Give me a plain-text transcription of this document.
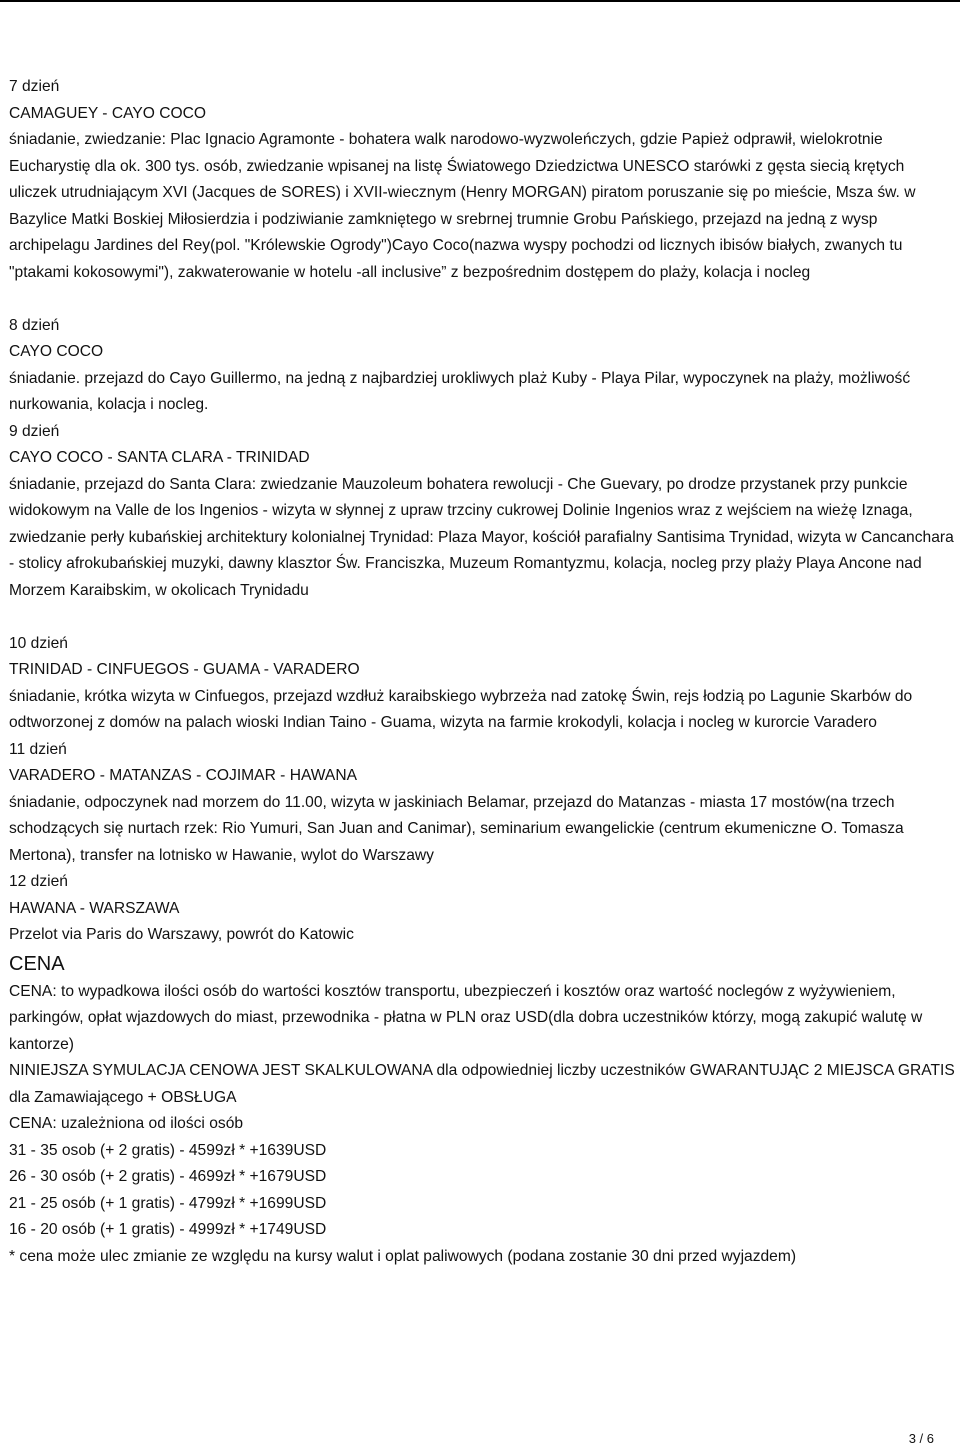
7 dzień

CAMAGUEY - CAYO COCO

śniadanie, zwiedzanie: Plac Ignacio Agramonte - bohatera walk narodowo-wyzwoleńczych, gdzie Papież odprawił, wielokrotnie Eucharystię dla ok. 300 tys. osób, zwiedzanie wpisanej na listę Światowego Dziedzictwa UNESCO starówki z gęsta siecią krętych uliczek utrudniającym XVI (Jacques de SORES) i XVII-wiecznym (Henry MORGAN) piratom poruszanie się po mieście, Msza św. w Bazylice Matki Boskiej Miłosierdzia i podziwianie zamkniętego w srebrnej trumnie Grobu Pańskiego, przejazd na jedną z wysp archipelagu Jardines del Rey(pol. "Królewskie Ogrody")Cayo Coco(nazwa wyspy pochodzi od licznych ibisów białych, zwanych tu "ptakami kokosowymi"), zakwaterowanie w hotelu -all inclusive” z bezpośrednim dostępem do plaży, kolacja i nocleg

8 dzień

CAYO COCO

śniadanie. przejazd do Cayo Guillermo, na jedną z najbardziej urokliwych plaż Kuby - Playa Pilar, wypoczynek na plaży, możliwość nurkowania, kolacja i nocleg.

9 dzień

CAYO COCO - SANTA CLARA - TRINIDAD

śniadanie, przejazd do Santa Clara: zwiedzanie Mauzoleum bohatera rewolucji - Che Guevary, po drodze przystanek przy punkcie widokowym na Valle de los Ingenios - wizyta w słynnej z upraw trzciny cukrowej Dolinie Ingenios wraz z wejściem na wieżę Iznaga, zwiedzanie perły kubańskiej architektury kolonialnej Trynidad: Plaza Mayor, kościół parafialny Santisima Trynidad, wizyta w Cancanchara - stolicy afrokubańskiej muzyki, dawny klasztor Św. Franciszka, Muzeum Romantyzmu, kolacja, nocleg przy plaży Playa Ancone nad Morzem Karaibskim, w okolicach Trynidadu

10 dzień

TRINIDAD - CINFUEGOS - GUAMA - VARADERO

śniadanie, krótka wizyta w Cinfuegos, przejazd wzdłuż karaibskiego wybrzeża nad zatokę Świn, rejs łodzią po Lagunie Skarbów do odtworzonej z domów na palach wioski Indian Taino - Guama, wizyta na farmie krokodyli, kolacja i nocleg w kurorcie Varadero

11 dzień

VARADERO - MATANZAS - COJIMAR - HAWANA

śniadanie, odpoczynek nad morzem do 11.00, wizyta w jaskiniach Belamar, przejazd do Matanzas - miasta 17 mostów(na trzech schodzących się nurtach rzek: Rio Yumuri, San Juan and Canimar), seminarium ewangelickie (centrum ekumeniczne O. Tomasza Mertona), transfer na lotnisko w Hawanie, wylot do Warszawy

12 dzień

HAWANA - WARSZAWA

Przelot via Paris do Warszawy, powrót do Katowic

CENA

CENA: to wypadkowa ilości osób do wartości kosztów transportu, ubezpieczeń i kosztów oraz wartość noclegów z wyżywieniem, parkingów, opłat wjazdowych do miast, przewodnika - płatna w PLN oraz USD(dla dobra uczestników którzy, mogą zakupić walutę w kantorze)

NINIEJSZA SYMULACJA CENOWA JEST SKALKULOWANA dla odpowiedniej liczby uczestników GWARANTUJĄC 2 MIEJSCA GRATIS dla Zamawiającego + OBSŁUGA

CENA: uzależniona od ilości osób

31 - 35 osob (+ 2 gratis) - 4599zł * +1639USD

26 - 30 osób (+ 2 gratis) - 4699zł * +1679USD

21 - 25 osób (+ 1 gratis) - 4799zł * +1699USD

16 - 20 osób (+ 1 gratis) - 4999zł * +1749USD

* cena może ulec zmianie ze względu na kursy walut i oplat paliwowych (podana zostanie 30 dni przed wyjazdem)

3 / 6
